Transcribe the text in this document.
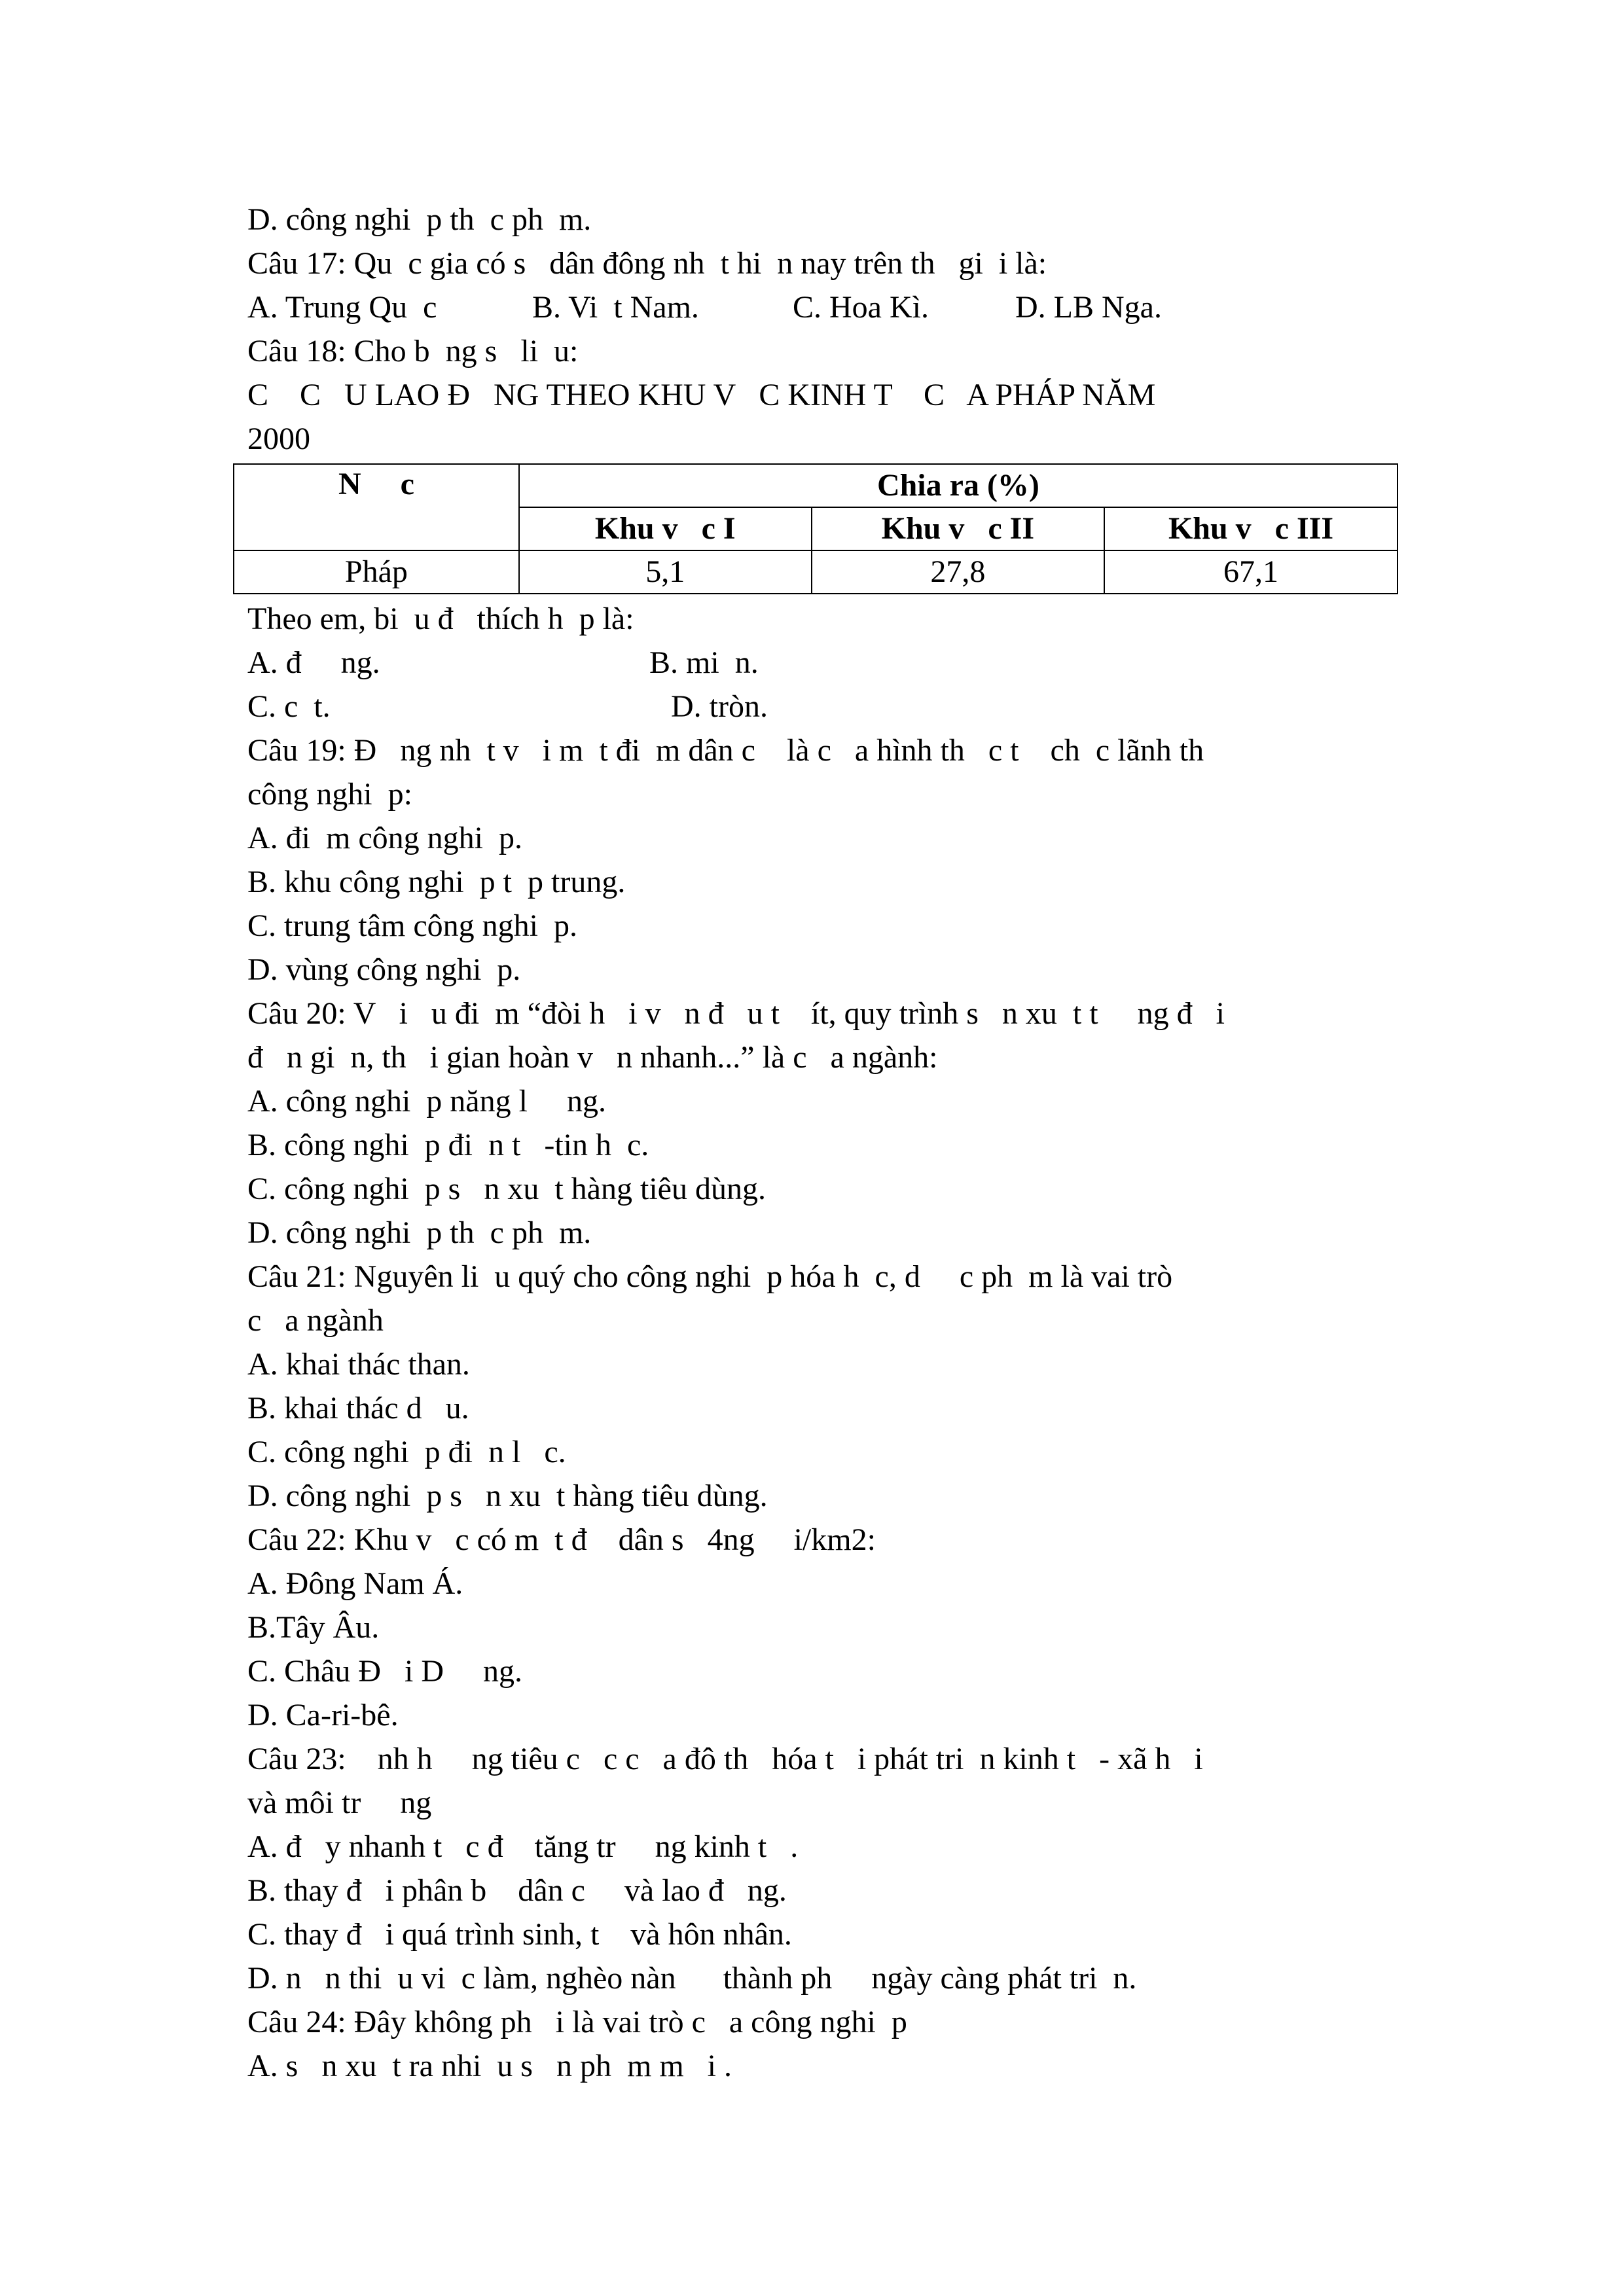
D. công nghi  p th  c ph  m.
Câu 17: Qu  c gia có s   dân đông nh  t hi  n nay trên th   gi  i là:

A. Trung Qu  c

	B. Vi  t Nam.

	C. Hoa Kì.

	D. LB Nga.

Câu 18: Cho b  ng s   li  u:
C    C   U LAO Đ   NG THEO KHU V   C KINH T    C   A PHÁP NĂM
2000
N     c	Chia ra (%)		
	Khu v   c I	Khu v   c II	Khu v   c III
Pháp	5,1	27,8	67,1
Theo em, bi  u đ   thích h  p là:

A. đ     ng.

	B. mi  n.

C. c  t.

	D. tròn.

Câu 19: Đ   ng nh  t v   i m  t đi  m dân c    là c   a hình th   c t    ch  c lãnh th
công nghi  p:
A. đi  m công nghi  p.
B. khu công nghi  p t  p trung.
C. trung tâm công nghi  p.
D. vùng công nghi  p.
Câu 20: V   i   u đi  m “đòi h   i v   n đ   u t    ít, quy trình s   n xu  t t     ng đ   i
đ   n gi  n, th   i gian hoàn v   n nhanh...” là c   a ngành:
A. công nghi  p năng l     ng.
B. công nghi  p đi  n t   -tin h  c.
C. công nghi  p s   n xu  t hàng tiêu dùng.
D. công nghi  p th  c ph  m.
Câu 21: Nguyên li  u quý cho công nghi  p hóa h  c, d     c ph  m là vai trò
c   a ngành
A. khai thác than.
B. khai thác d   u.
C. công nghi  p đi  n l   c.
D. công nghi  p s   n xu  t hàng tiêu dùng.
Câu 22: Khu v   c có m  t đ    dân s   4ng     i/km2:
A. Đông Nam Á.
B.Tây Âu.
C. Châu Đ   i D     ng.
D. Ca-ri-bê.
Câu 23:    nh h     ng tiêu c   c c   a đô th   hóa t   i phát tri  n kinh t   - xã h   i
và môi tr     ng
A. đ   y nhanh t   c đ    tăng tr     ng kinh t   .
B. thay đ   i phân b    dân c     và lao đ   ng.
C. thay đ   i quá trình sinh, t    và hôn nhân.
D. n   n thi  u vi  c làm, nghèo nàn      thành ph     ngày càng phát tri  n.
Câu 24: Đây không ph   i là vai trò c   a công nghi  p
A. s   n xu  t ra nhi  u s   n ph  m m   i .
